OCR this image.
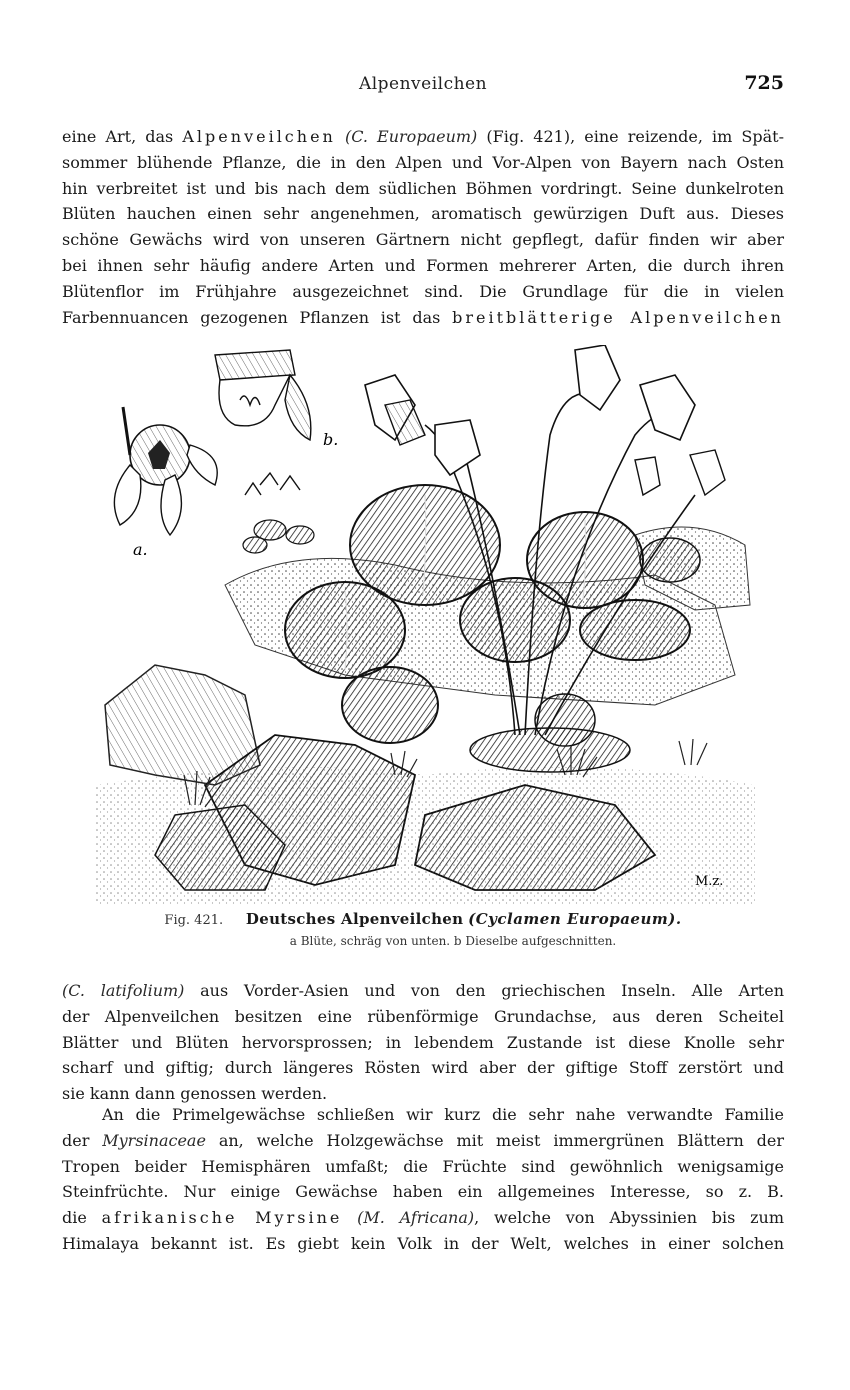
Alpenveilchen	725

eine Art, das Alpenveilchen (C. Europaeum) (Fig. 421), eine reizende, im Spät-
sommer blühende Pflanze, die in den Alpen und Vor-Alpen von Bayern nach Osten
hin verbreitet ist und bis nach dem südlichen Böhmen vordringt. Seine dunkelroten
Blüten hauchen einen sehr angenehmen, aromatisch gewürzigen Duft aus. Dieses
schöne Gewächs wird von unseren Gärtnern nicht gepflegt, dafür finden wir aber
bei ihnen sehr häufig andere Arten und Formen mehrerer Arten, die durch ihren
Blütenflor im Frühjahre ausgezeichnet sind. Die Grundlage für die in vielen
Farbennuancen gezogenen Pflanzen ist das breitblätterige Alpenveilchen

a.
b.
M.z.
Fig. 421. Deutsches Alpenveilchen (Cyclamen Europaeum).
a Blüte, schräg von unten. b Dieselbe aufgeschnitten.

(C. latifolium) aus Vorder-Asien und von den griechischen Inseln. Alle Arten
der Alpenveilchen besitzen eine rübenförmige Grundachse, aus deren Scheitel
Blätter und Blüten hervorsprossen; in lebendem Zustande ist diese Knolle sehr
scharf und giftig; durch längeres Rösten wird aber der giftige Stoff zerstört und
sie kann dann genossen werden.

An die Primelgewächse schließen wir kurz die sehr nahe verwandte Familie
der Myrsinaceae an, welche Holzgewächse mit meist immergrünen Blättern der
Tropen beider Hemisphären umfaßt; die Früchte sind gewöhnlich wenigsamige
Steinfrüchte. Nur einige Gewächse haben ein allgemeines Interesse, so z. B.
die afrikanische Myrsine (M. Africana), welche von Abyssinien bis zum
Himalaya bekannt ist. Es giebt kein Volk in der Welt, welches in einer solchen
